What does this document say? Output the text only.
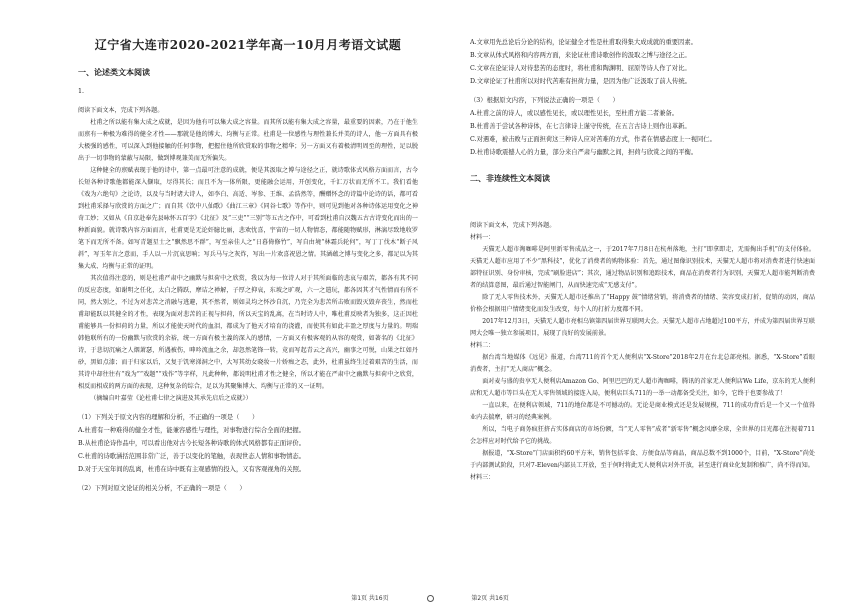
辽宁省大连市2020-2021学年高一10月月考语文试题
一、论述类文本阅读

1.

阅读下面文本，完成下列各题。

杜甫之所以能有集大成之成就，是因为他有可以集大成之容量。而其所以能有集大成之容量，最重要的因素，乃在于他生而禀有一种极为难得的健全才性——那就是他的博大、均衡与正常。杜甫是一位感性与理性兼长并美的诗人，他一方面具有极大极强的感性，可以深入到他接触的任何事物，把握住他所欣赏取的事物之精华；另一方面又有着极清明周至的理性，足以脱出于一切事物的蒙蔽与局限，做到博观兼美而无所偏失。

这种健全的禀赋表现于他的诗中，第一点最可注意的成就，便是其汲取之博与途径之正，就诗歌体式风格方面而言，古今长短各种诗歌他都能深入撷取，尽得其长；而且不为一体所限，更能融会运用，开创变化，千汇万状而无所不工。我们看他《戏为六绝句》之论诗，以及与当时诸大诗人，如李白、高适、岑参、王维、孟浩然等，酬赠怀念的诗篇中论诗的话，都可看到杜甫采择与欣赏的方面之广；而自其《饮中八仙歌》《曲江三章》《同谷七歌》等作中，则可见到他对各种诗体运用变化之神奇工妙；又如从《自京赴奉先县咏怀五百字》《北征》及“三吏”“三别”等五古之作中，可看到杜甫自汉魏五古古诗变化而出的一种新面貌。就诗歌内容方面而言，杜甫更是无论奸臆比丽，悲欢忧喜，宇宙的一切人物情态，都能随物赋形，淋漓尽致地收罗笔下而无所不备。如写青题星士之“飘然思不群”，写至亲佳人之“日暮倚修竹”，写自由境“林霜兵轮何”，写丁丁伐木“断子风斜”，写玉年言之意而，手人以一片沉哀思响；写兵马与之灰炸，写出一片欢喜祝恩之情。其涵蕴之博与变化之多，都足以为其集大成、均衡与正常的证明。

其次值得注意的，则是杜甫严肃中之幽默与担荷中之欣赏，我以为每一位诗人对于其所面临的悲哀与艰苦，都各有其不同的反应态度，如谢明之任化，太白之腾跃，摩诘之禅解，子厚之抑哀，东坡之旷观，六一之遣玩，都各因其才气性情而有所不同，然大别之，不过为对悲苦之消融与逃避，其不然者，则如灵均之怀沙自沉，乃完全为悲苦所击败而毁灭毁弃丧生，然而杜甫却能跃以其健全的才性，表现为面对悲苦的正视与担荷，所以天宝的乱离，在当时诗人中，唯杜甫反映者为独多，这正因杜甫能够具一份担荷的力量，所以才能使天时代的血泪，都成为了他天才培育的浇灌，而使其有如此丰盈之厚度与力量的。明瑞韩他联所有的一份幽默与欣赏的余裕，统一方面有极主義的深入的感情，一方面又有极客观的从容的观赏，如著名的《北征》诗，于悲切沉痛之人烟萧瑟，所遇被伤，呻吟流血之余，却忽然笔锋一转，竟而写起青云之高兴，幽事之可悦，山果之红如丹砂，黑如点漆；而于归家以后，又复于饥寒涕洞之中，大写其幼女晓妆一片娇痴之态，此外，杜甫虽终生过着艰苦的生活，而其诗中却往往有“戏为”“戏题”“戏作”等字样，凡此种种，都说明杜甫才性之健全，所以才能在严肃中之幽默与担荷中之欣赏，相反而相成的两方面的表现，这种复杂的综合，足以为其聚集博大、均衡与正常的又一证明。

（摘编自叶嘉莹《论杜甫七律之演进及其承先启后之成就》）

（1）下列关于原文内容的理解和分析，不正确的一项是（　　）

A.杜甫有一种难得的健全才性，能兼容感性与理性，对事物进行综合全面的把握。

B.从杜甫论诗作品中，可以看出他对古今长短各种诗歌的体式风格都有正面评价。

C.杜甫的诗歌涵括范围非常广泛，善于以变化的笔触，表现世态人情和事物情态。

D.对于天宝年间的乱离，杜甫在诗中既有主观感情的投入，又有客观视角的关照。

（2）下列对原文论证的相关分析，不正确的一项是（　　）

A.文章用先总论后分论的结构，论证健全才性是杜甫取得集大成成就的重要因素。

B.文章从体式风格和内容两方面，来论证杜甫诗歌创作的汲取之博与途径之正。

C.文章在论证诗人对待悲苦的态度时，将杜甫和陶渊明、屈原等诗人作了对比。

D.文章论证了杜甫所以对时代苦难有担荷力量，是因为他广泛汲取了前人传统。

（3）根据原文内容，下列说法正确的一项是（　　）

A.杜甫之前的诗人，或以感性见长，或以理性见长，至杜甫方能二者兼备。

B.杜甫善于尝试各种诗体，在七言律诗上谨守传统，在五言古诗上则作出革新。

C.对遇难，被击败与正面担荷这三种诗人应对苦难的方式，作者在情感态度上一视同仁。

D.杜甫诗歌震撼人心的力量，部分来自严肃与幽默之间，担荷与欣赏之间的平衡。

二、非连续性文本阅读

阅读下面文本，完成下列各题。

材料一：

天猫无人超市淘咖啡是阿里新零售成品之一，于2017年7月8日在杭州落地，主打“即拿即走，无需掏出手机”的支付体验。天猫无人超市应用了不少“黑科技”，优化了消费者的购物体验：首先，通过图像识别技术，天猫无人超市将对消费者进行快速面部特征识别、身份审核，完成“刷脸进店”；其次，通过物品识别和追踪技术，商品在消费者行为识别，天猫无人超市能判断消费者的结算意图，最后通过智能闸门，从而快速完成“无感支付”。

除了无人零售技术外，天猫无人超市还推出了“Happy 鼓”情绪营销，将消费者的情绪、笑容变成打折，促销的动因，商品价格会根据用户情绪变化而发生改变，每个人的打折力度都不同。

2017年12月3日，天猫无人超市亮相乌镇第四届世界互联网大会。天猫无人超市占地超过100平方，并成为第四届世界互联网大会唯一独立参展项目，展现了良好的发展前景。

材料二：

据台湾当地媒体《远见》报道，台湾711的首个无人便利店“X-Store”2018年2月在台北总部亮相。据悉，“X-Store”看眼消费者，主打“无人商店”概念。

面对麦与盛的贵享无人便利店Amazon Go、阿里巴巴的无人超市淘咖啡，腾讯的首家无人便利店We Life，京东的无人便利店和无人超市等巨头在无人零售领域的接连入局，便利店巨头711的一举一动都备受关注，如今，它终于也要参战了！

一直以来，在便利店领域，711的地位都是不可撼动的。无论是商业模式还是发展规模，711的成功背后是一个又一个值得业内去揣摩，研习的经典案例。

所以，当电子商务疯狂挤占实体商店的市场份额，当“无人零售”成者“新零售”概念风靡全球，全世界的目光都在注视着711会怎样应对时代给予它的挑战。

据报道，“X-Store”门店面积约60平方米，销售包括零食、方便食品等商品，商品总数不到1000个，目前，“X-Store”尚处于内部测试阶段，只对7-Eleven内部员工开放，至于何时将此无人便利店对外开放，甚至进行商业化复制和推广，尚不得而知。

材料三：

第1页 共16页	第2页 共16页
